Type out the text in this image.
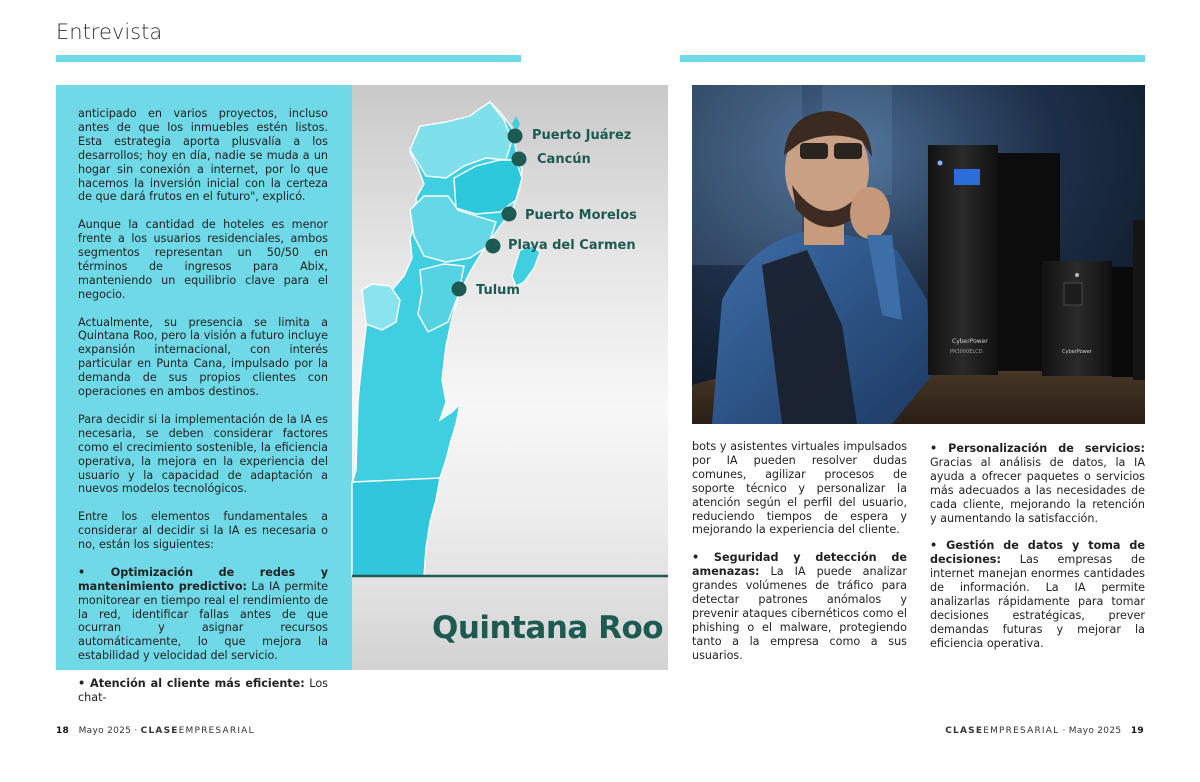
Entrevista

anticipado en varios proyectos, incluso antes de que los inmuebles estén listos. Esta estrategia aporta plusvalía a los desarrollos; hoy en día, nadie se muda a un hogar sin conexión a internet, por lo que hacemos la inversión inicial con la certeza de que dará frutos en el futuro", explicó.

Aunque la cantidad de hoteles es menor frente a los usuarios residenciales, ambos segmentos representan un 50/50 en términos de ingresos para Abix, manteniendo un equilibrio clave para el negocio.

Actualmente, su presencia se limita a Quintana Roo, pero la visión a futuro incluye expansión internacional, con interés particular en Punta Cana, impulsado por la demanda de sus propios clientes con operaciones en ambos destinos.

Para decidir si la implementación de la IA es necesaria, se deben considerar factores como el crecimiento sostenible, la eficiencia operativa, la mejora en la experiencia del usuario y la capacidad de adaptación a nuevos modelos tecnológicos.

Entre los elementos fundamentales a considerar al decidir si la IA es necesaria o no, están los siguientes:

• Optimización de redes y mantenimiento predictivo: La IA permite monitorear en tiempo real el rendimiento de la red, identificar fallas antes de que ocurran y asignar recursos automáticamente, lo que mejora la estabilidad y velocidad del servicio.

• Atención al cliente más eficiente: Los chat-

Puerto Juárez
Cancún
Puerto Morelos
Playa del Carmen
Tulum
Quintana Roo
CyberPower
PR3000ELCD	CyberPower

bots y asistentes virtuales impulsados por IA pueden resolver dudas comunes, agilizar procesos de soporte técnico y personalizar la atención según el perfil del usuario, reduciendo tiempos de espera y mejorando la experiencia del cliente.

• Seguridad y detección de amenazas: La IA puede analizar grandes volúmenes de tráfico para detectar patrones anómalos y prevenir ataques cibernéticos como el phishing o el malware, protegiendo tanto a la empresa como a sus usuarios.

• Personalización de servicios: Gracias al análisis de datos, la IA ayuda a ofrecer paquetes o servicios más adecuados a las necesidades de cada cliente, mejorando la retención y aumentando la satisfacción.

• Gestión de datos y toma de decisiones: Las empresas de internet manejan enormes cantidades de información. La IA permite analizarlas rápidamente para tomar decisiones estratégicas, prever demandas futuras y mejorar la eficiencia operativa.

18 Mayo 2025 · CLASEEMPRESARIAL	CLASEEMPRESARIAL · Mayo 2025 19
